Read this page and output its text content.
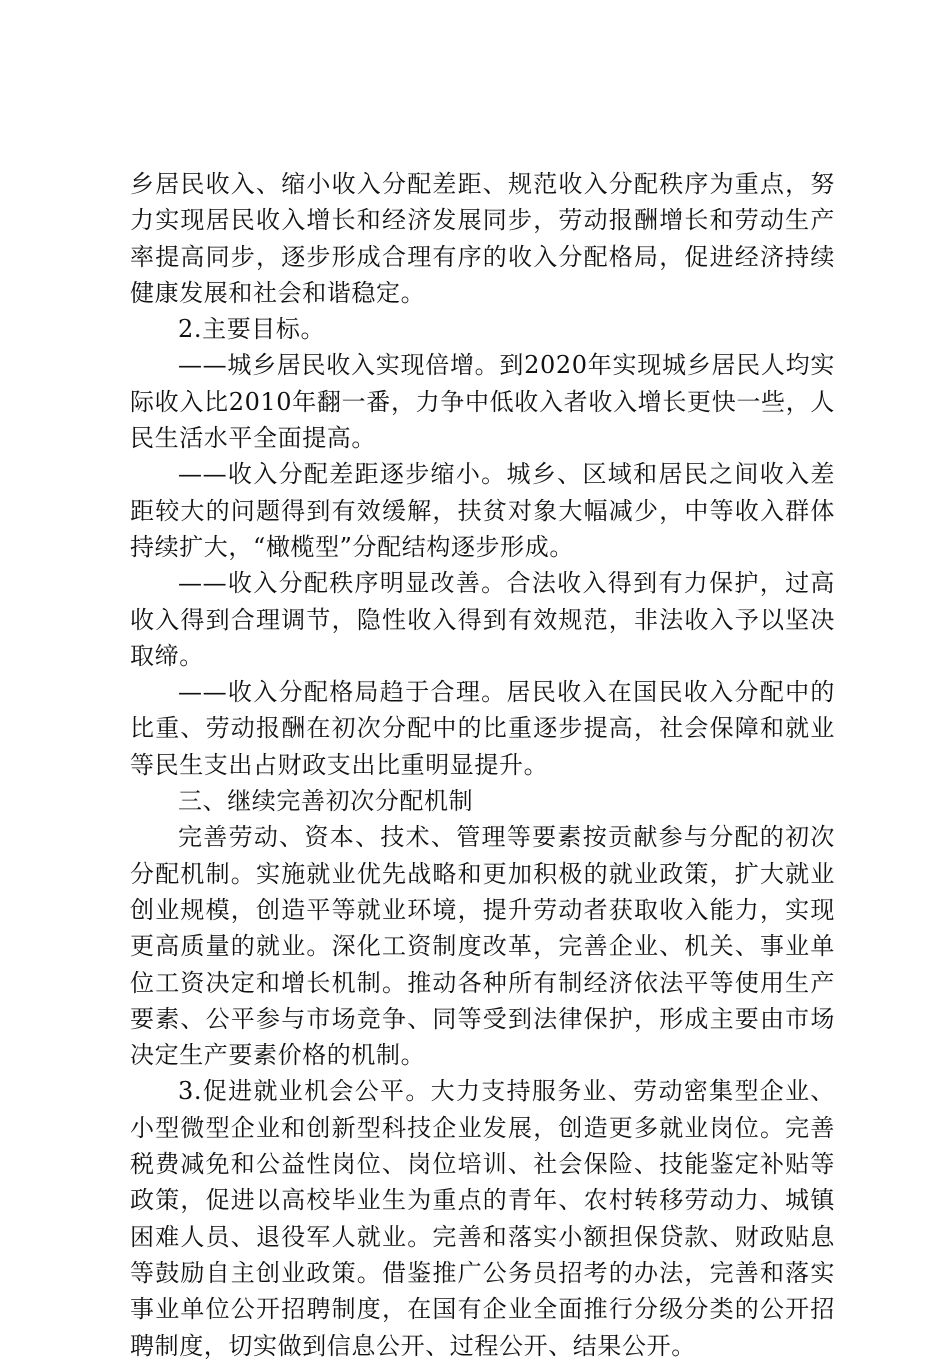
乡居民收入、缩小收入分配差距、规范收入分配秩序为重点，努力实现居民收入增长和经济发展同步，劳动报酬增长和劳动生产率提高同步，逐步形成合理有序的收入分配格局，促进经济持续健康发展和社会和谐稳定。

2.主要目标。

——城乡居民收入实现倍增。到2020年实现城乡居民人均实际收入比2010年翻一番，力争中低收入者收入增长更快一些，人民生活水平全面提高。

——收入分配差距逐步缩小。城乡、区域和居民之间收入差距较大的问题得到有效缓解，扶贫对象大幅减少，中等收入群体持续扩大，“橄榄型”分配结构逐步形成。

——收入分配秩序明显改善。合法收入得到有力保护，过高收入得到合理调节，隐性收入得到有效规范，非法收入予以坚决取缔。

——收入分配格局趋于合理。居民收入在国民收入分配中的比重、劳动报酬在初次分配中的比重逐步提高，社会保障和就业等民生支出占财政支出比重明显提升。

三、继续完善初次分配机制

完善劳动、资本、技术、管理等要素按贡献参与分配的初次分配机制。实施就业优先战略和更加积极的就业政策，扩大就业创业规模，创造平等就业环境，提升劳动者获取收入能力，实现更高质量的就业。深化工资制度改革，完善企业、机关、事业单位工资决定和增长机制。推动各种所有制经济依法平等使用生产要素、公平参与市场竞争、同等受到法律保护，形成主要由市场决定生产要素价格的机制。

3.促进就业机会公平。大力支持服务业、劳动密集型企业、小型微型企业和创新型科技企业发展，创造更多就业岗位。完善税费减免和公益性岗位、岗位培训、社会保险、技能鉴定补贴等政策，促进以高校毕业生为重点的青年、农村转移劳动力、城镇困难人员、退役军人就业。完善和落实小额担保贷款、财政贴息等鼓励自主创业政策。借鉴推广公务员招考的办法，完善和落实事业单位公开招聘制度，在国有企业全面推行分级分类的公开招聘制度，切实做到信息公开、过程公开、结果公开。
